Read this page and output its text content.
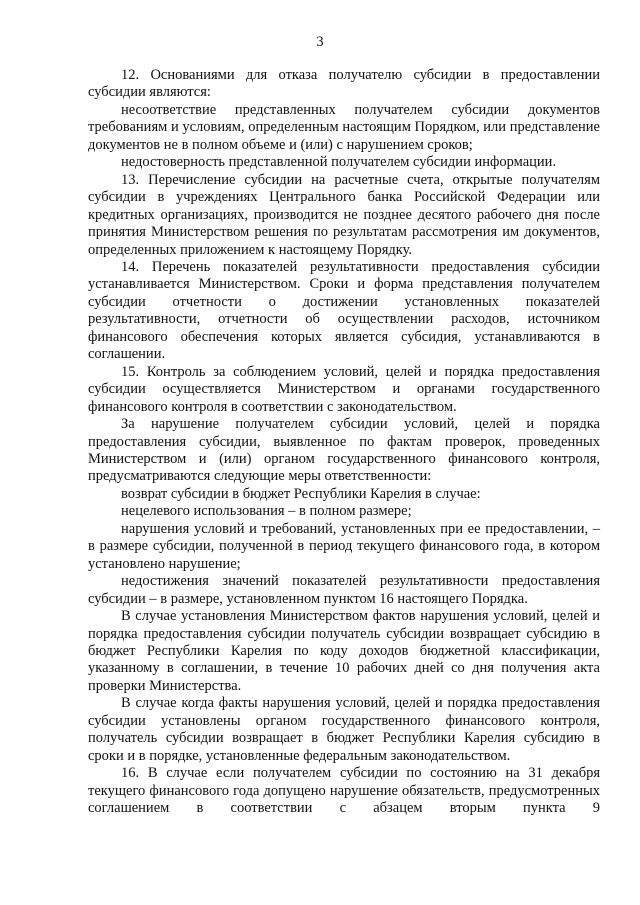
3

12. Основаниями для отказа получателю субсидии в предоставлении субсидии являются:

несоответствие представленных получателем субсидии документов требованиям и условиям, определенным настоящим Порядком, или представление документов не в полном объеме и (или) с нарушением сроков;

недостоверность представленной получателем субсидии информации.

13. Перечисление субсидии на расчетные счета, открытые получателям субсидии в учреждениях Центрального банка Российской Федерации или кредитных организациях, производится не позднее десятого рабочего дня после принятия Министерством решения по результатам рассмотрения им документов, определенных приложением к настоящему Порядку.

14. Перечень показателей результативности предоставления субсидии устанавливается Министерством. Сроки и форма представления получателем субсидии отчетности о достижении установленных показателей результативности, отчетности об осуществлении расходов, источником финансового обеспечения которых является субсидия, устанавливаются в соглашении.

15. Контроль за соблюдением условий, целей и порядка предоставления субсидии осуществляется Министерством и органами государственного финансового контроля в соответствии с законодательством.

За нарушение получателем субсидии условий, целей и порядка предоставления субсидии, выявленное по фактам проверок, проведенных Министерством и (или) органом государственного финансового контроля, предусматриваются следующие меры ответственности:

возврат субсидии в бюджет Республики Карелия в случае:

нецелевого использования – в полном размере;

нарушения условий и требований, установленных при ее предоставлении, – в размере субсидии, полученной в период текущего финансового года, в котором установлено нарушение;

недостижения значений показателей результативности предоставления субсидии – в размере, установленном пунктом 16 настоящего Порядка.

В случае установления Министерством фактов нарушения условий, целей и порядка предоставления субсидии получатель субсидии возвращает субсидию в бюджет Республики Карелия по коду доходов бюджетной классификации, указанному в соглашении, в течение 10 рабочих дней со дня получения акта проверки Министерства.

В случае когда факты нарушения условий, целей и порядка предоставления субсидии установлены органом государственного финансового контроля, получатель субсидии возвращает в бюджет Республики Карелия субсидию в сроки и в порядке, установленные федеральным законодательством.

16. В случае если получателем субсидии по состоянию на 31 декабря текущего финансового года допущено нарушение обязательств, предусмотренных соглашением в соответствии с абзацем вторым пункта 9
